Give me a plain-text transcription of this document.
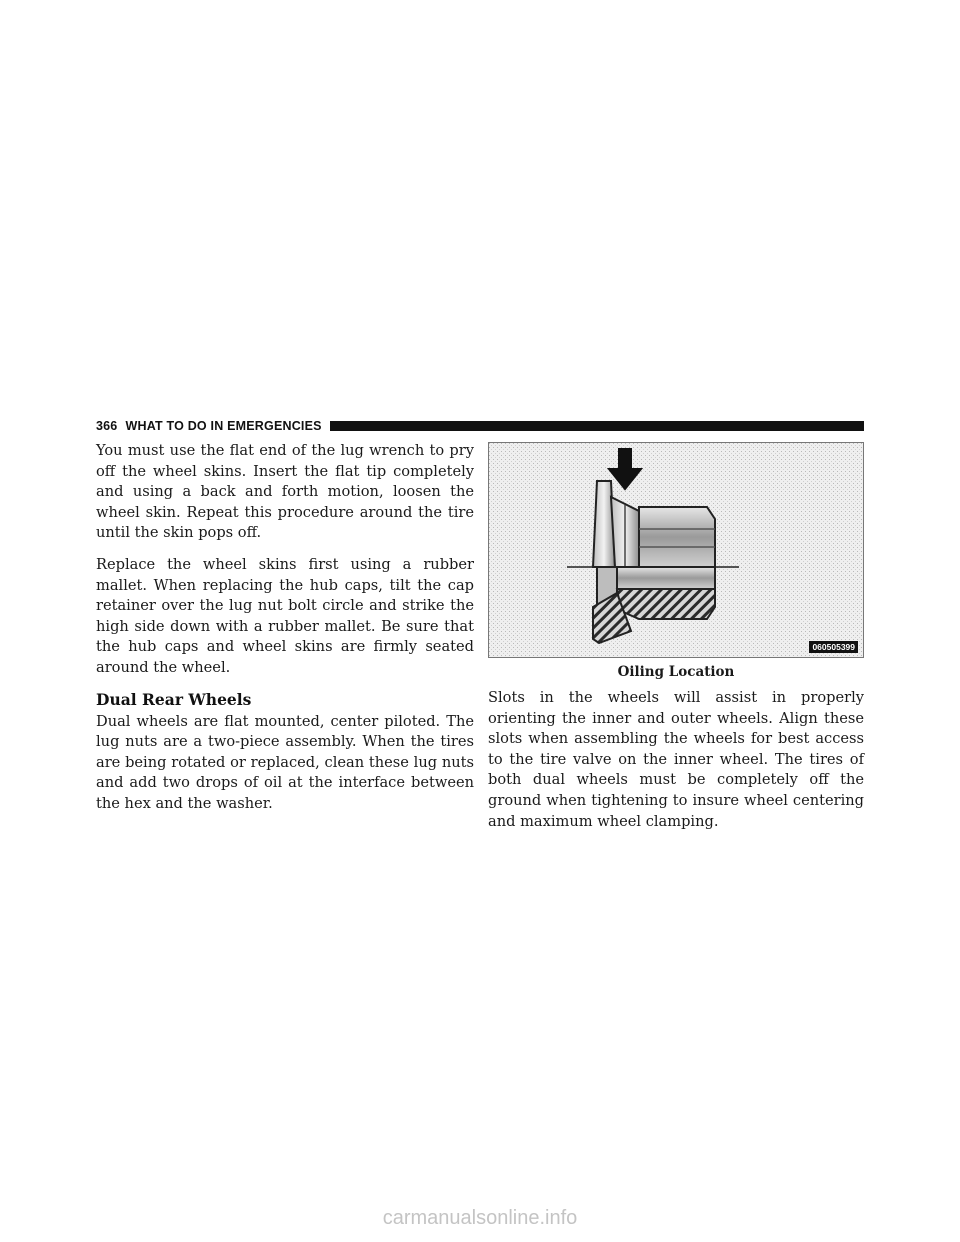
366 WHAT TO DO IN EMERGENCIES

You must use the flat end of the lug wrench to pry off the wheel skins. Insert the flat tip completely and using a back and forth motion, loosen the wheel skin. Repeat this procedure around the tire until the skin pops off.

Replace the wheel skins first using a rubber mallet. When replacing the hub caps, tilt the cap retainer over the lug nut bolt circle and strike the high side down with a rubber mallet. Be sure that the hub caps and wheel skins are firmly seated around the wheel.

Dual Rear Wheels

Dual wheels are flat mounted, center piloted. The lug nuts are a two-piece assembly. When the tires are being rotated or replaced, clean these lug nuts and add two drops of oil at the interface between the hex and the washer.

060505399
Oiling Location

Slots in the wheels will assist in properly orienting the inner and outer wheels. Align these slots when assembling the wheels for best access to the tire valve on the inner wheel. The tires of both dual wheels must be completely off the ground when tightening to insure wheel centering and maximum wheel clamping.

carmanualsonline.info
